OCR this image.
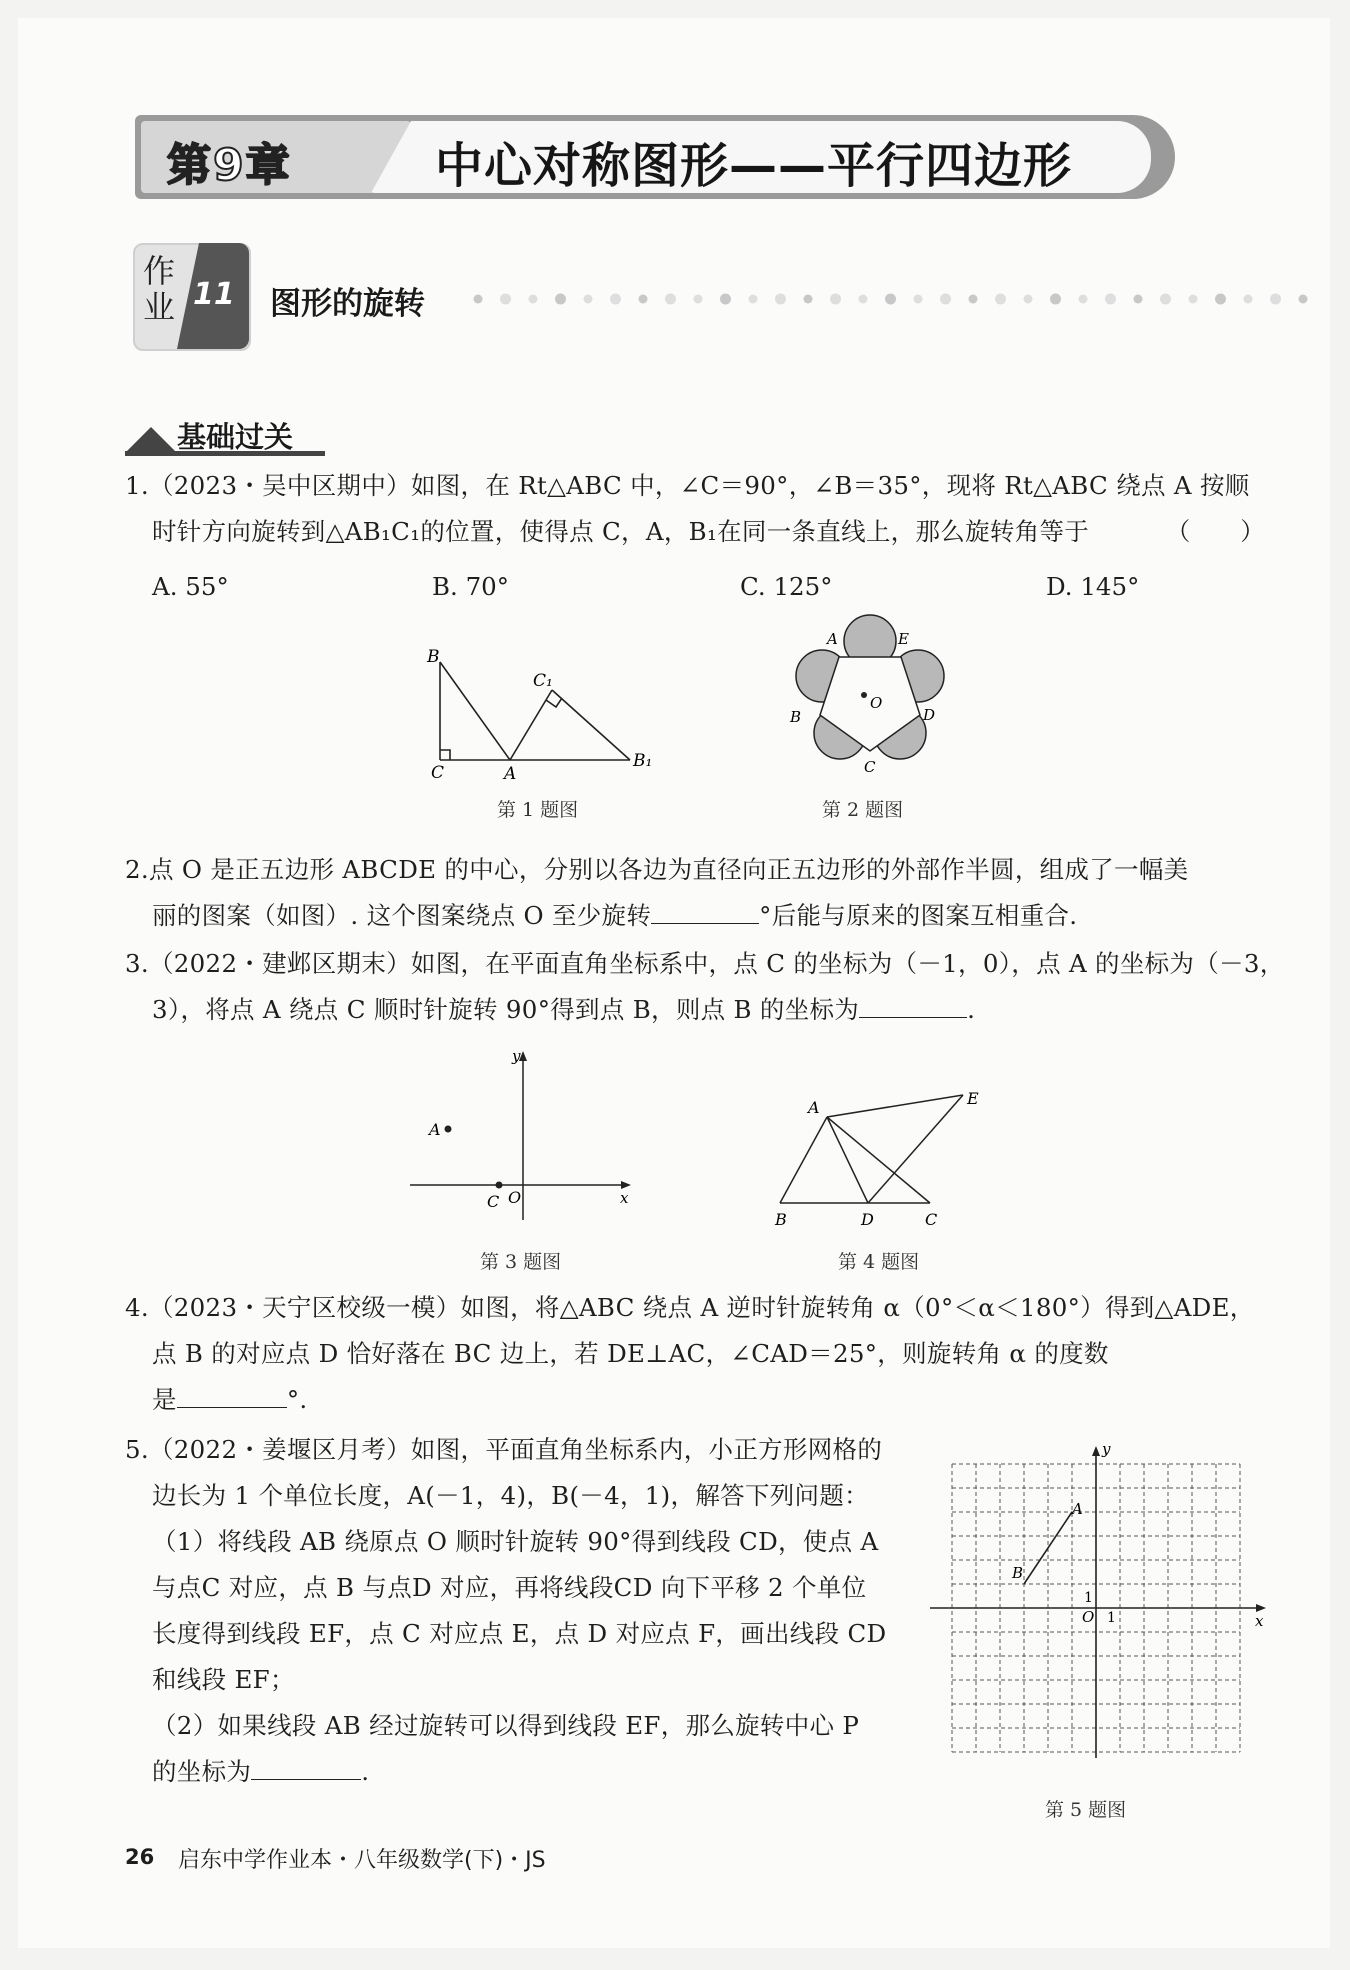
第9章	中心对称图形——平行四边形
作
业 11 图形的旋转
基础过关
1.（2023・吴中区期中）如图，在 Rt△ABC 中，∠C＝90°，∠B＝35°，现将 Rt△ABC 绕点 A 按顺
时针方向旋转到△AB₁C₁的位置，使得点 C，A，B₁在同一条直线上，那么旋转角等于	（　　）
A. 55°	B. 70°	C. 125°	D. 145°
B
C	A
C₁
B₁
第 1 题图
O
A	E
B	D
C
第 2 题图
2.点 O 是正五边形 ABCDE 的中心，分别以各边为直径向正五边形的外部作半圆，组成了一幅美
丽的图案（如图）. 这个图案绕点 O 至少旋转	°后能与原来的图案互相重合.
3.（2022・建邺区期末）如图，在平面直角坐标系中，点 C 的坐标为（－1，0），点 A 的坐标为（－3，
3），将点 A 绕点 C 顺时针旋转 90°得到点 B，则点 B 的坐标为	.
A
C O	x
y
第 3 题图
A	E
B	D	C
第 4 题图
4.（2023・天宁区校级一模）如图，将△ABC 绕点 A 逆时针旋转角 α（0°＜α＜180°）得到△ADE，
点 B 的对应点 D 恰好落在 BC 边上，若 DE⊥AC，∠CAD＝25°，则旋转角 α 的度数
是	°.
5.（2022・姜堰区月考）如图，平面直角坐标系内，小正方形网格的
边长为 1 个单位长度，A(－1，4)，B(－4，1)，解答下列问题：
（1）将线段 AB 绕原点 O 顺时针旋转 90°得到线段 CD，使点 A
与点C 对应，点 B 与点D 对应，再将线段CD 向下平移 2 个单位
长度得到线段 EF，点 C 对应点 E，点 D 对应点 F，画出线段 CD
和线段 EF；
（2）如果线段 AB 经过旋转可以得到线段 EF，那么旋转中心 P
的坐标为	.
A
B
O 1
1
x
y
第 5 题图
26 启东中学作业本・八年级数学(下)・JS
